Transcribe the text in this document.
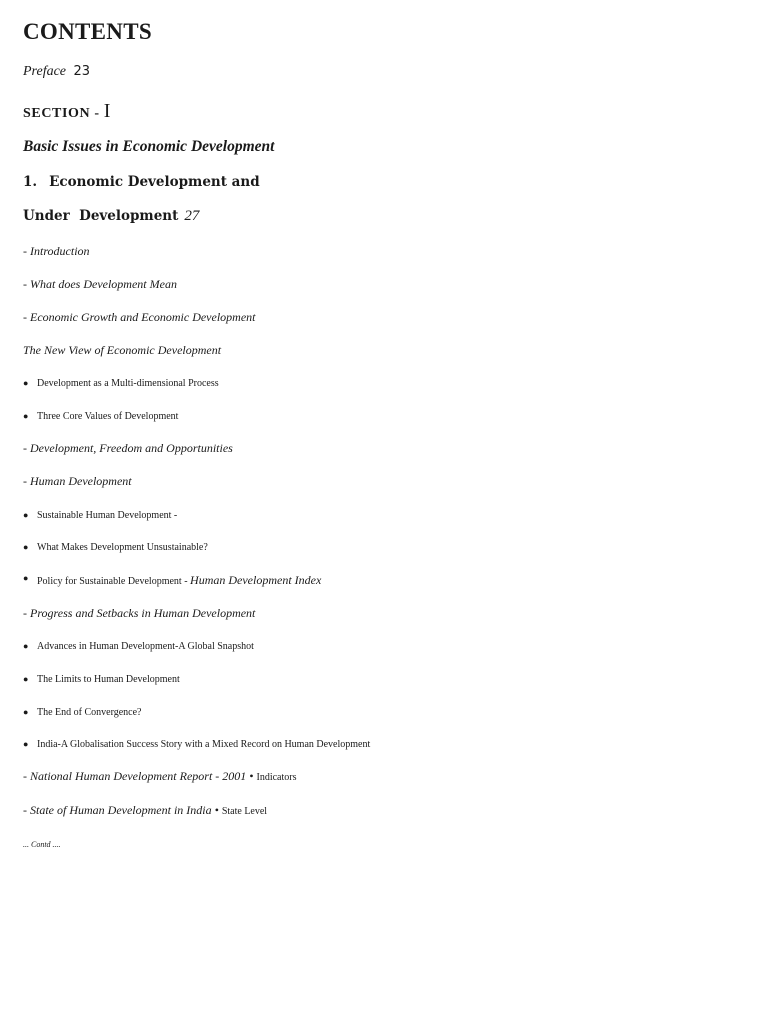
CONTENTS
Preface 23
SECTION - I
Basic Issues in Economic Development
1. Economic Development and
Under  Development 27
- Introduction
- What does Development Mean
- Economic Growth and Economic Development
The New View of Economic Development
● Development as a Multi-dimensional Process
● Three Core Values of Development
- Development, Freedom and Opportunities
- Human Development
● Sustainable Human Development -
● What Makes Development Unsustainable?
● Policy for Sustainable Development - Human Development Index
- Progress and Setbacks in Human Development
● Advances in Human Development-A Global Snapshot
● The Limits to Human Development
● The End of Convergence?
● India-A Globalisation Success Story with a Mixed Record on Human Development
- National Human Development Report - 2001 • Indicators
- State of Human Development in India • State Level
... Contd ....
